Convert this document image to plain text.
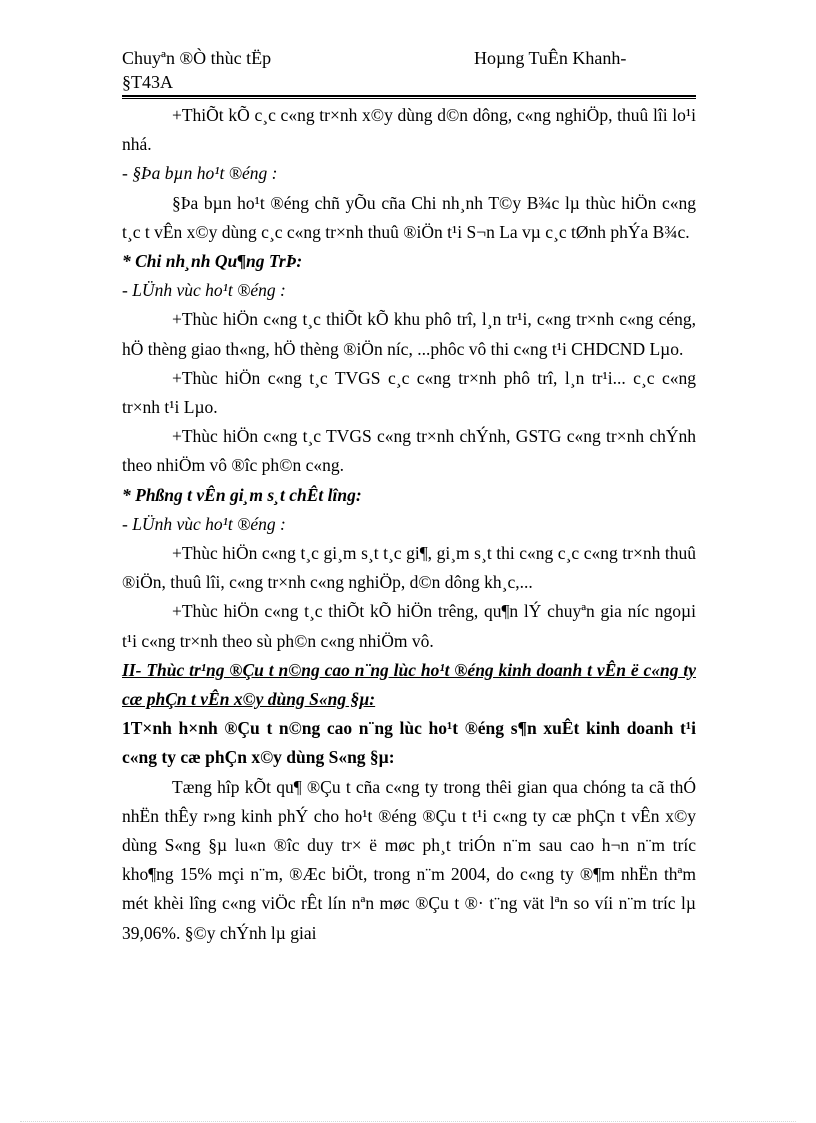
Chuyªn ®Ò thùc tËp	Hoµng TuÊn Khanh-
§T43A

+ThiÕt kÕ c¸c c«ng tr×nh x©y dùng d©n dông, c«ng nghiÖp, thuû lîi lo¹i nhá.

- §Þa bµn ho¹t ®éng :

§Þa bµn ho¹t ®éng chñ yÕu cña Chi nh¸nh T©y B¾c lµ thùc hiÖn c«ng t¸c t vÊn x©y dùng c¸c c«ng tr×nh thuû ®iÖn t¹i S¬n La vµ c¸c tØnh phÝa B¾c.

* Chi nh¸nh Qu¶ng TrÞ:

- LÜnh vùc ho¹t ®éng :

+Thùc hiÖn c«ng t¸c thiÕt kÕ khu phô trî, l¸n tr¹i, c«ng tr×nh c«ng céng, hÖ thèng giao th«ng, hÖ thèng ®iÖn níc, ...phôc vô thi c«ng t¹i CHDCND Lµo.

+Thùc hiÖn c«ng t¸c TVGS c¸c c«ng tr×nh phô trî, l¸n tr¹i... c¸c c«ng tr×nh t¹i Lµo.

+Thùc hiÖn c«ng t¸c TVGS c«ng tr×nh chÝnh, GSTG c«ng tr×nh chÝnh theo nhiÖm vô ®îc ph©n c«ng.

* Phßng t vÊn gi¸m s¸t chÊt lîng:

- LÜnh vùc ho¹t ®éng :

+Thùc hiÖn c«ng t¸c gi¸m s¸t t¸c gi¶, gi¸m s¸t thi c«ng c¸c c«ng tr×nh thuû ®iÖn, thuû lîi, c«ng tr×nh c«ng nghiÖp, d©n dông kh¸c,...

+Thùc hiÖn c«ng t¸c thiÕt kÕ hiÖn trêng, qu¶n lÝ chuyªn gia níc ngoµi t¹i c«ng tr×nh theo sù ph©n c«ng nhiÖm vô.

II- Thùc tr¹ng ®Çu t n©ng cao n¨ng lùc ho¹t ®éng kinh doanh t vÊn ë c«ng ty cæ phÇn t vÊn x©y dùng S«ng §µ:

1T×nh h×nh ®Çu t n©ng cao n¨ng lùc ho¹t ®éng s¶n xuÊt kinh doanh t¹i c«ng ty cæ phÇn x©y dùng S«ng §µ:

Tæng hîp kÕt qu¶ ®Çu t cña c«ng ty trong thêi gian qua chóng ta cã thÓ nhËn thÊy r»ng kinh phÝ cho ho¹t ®éng ®Çu t t¹i c«ng ty cæ phÇn t vÊn x©y dùng S«ng §µ lu«n ®îc duy tr× ë møc ph¸t triÓn n¨m sau cao h¬n n¨m tríc kho¶ng 15% mçi n¨m, ®Æc biÖt, trong n¨m 2004, do c«ng ty ®¶m nhËn thªm mét khèi lîng c«ng viÖc rÊt lín nªn møc ®Çu t ®· t¨ng vät lªn so víi n¨m tríc lµ 39,06%. §©y chÝnh lµ giai
